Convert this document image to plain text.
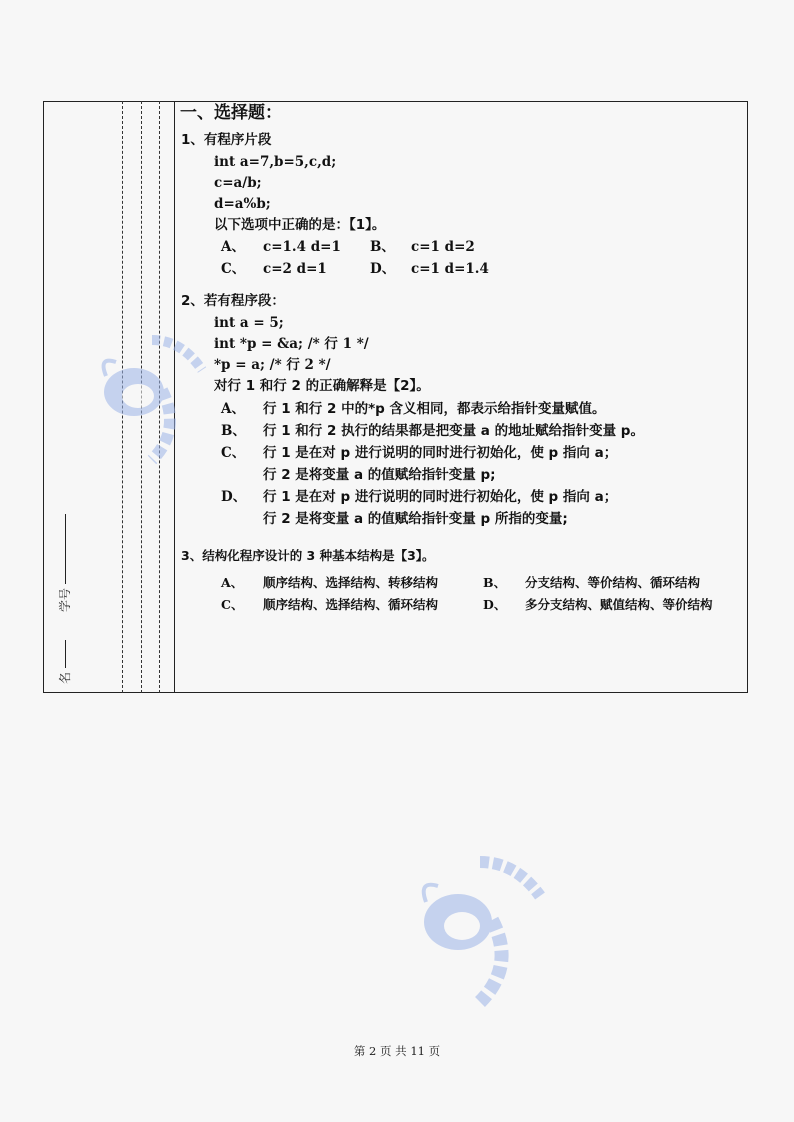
学号
名
一、选择题：
1、有程序片段
int a=7,b=5,c,d;
c=a/b;
d=a%b;
以下选项中正确的是：【1】。
A、 c=1.4 d=1 B、 c=1 d=2
C、 c=2 d=1	D、 c=1 d=1.4
2、若有程序段：
int a = 5;
int *p = &a; /* 行 1 */
*p = a; /* 行 2 */
对行 1 和行 2 的正确解释是【2】。
A、 行 1 和行 2 中的*p 含义相同，都表示给指针变量赋值。
B、 行 1 和行 2 执行的结果都是把变量 a 的地址赋给指针变量 p。
C、 行 1 是在对 p 进行说明的同时进行初始化，使 p 指向 a；
行 2 是将变量 a 的值赋给指针变量 p;
D、 行 1 是在对 p 进行说明的同时进行初始化，使 p 指向 a；
行 2 是将变量 a 的值赋给指针变量 p 所指的变量;
3、结构化程序设计的 3 种基本结构是【3】。
A、 顺序结构、选择结构、转移结构	B、 分支结构、等价结构、循环结构
C、 顺序结构、选择结构、循环结构	D、 多分支结构、赋值结构、等价结构
第 2 页 共 11 页
